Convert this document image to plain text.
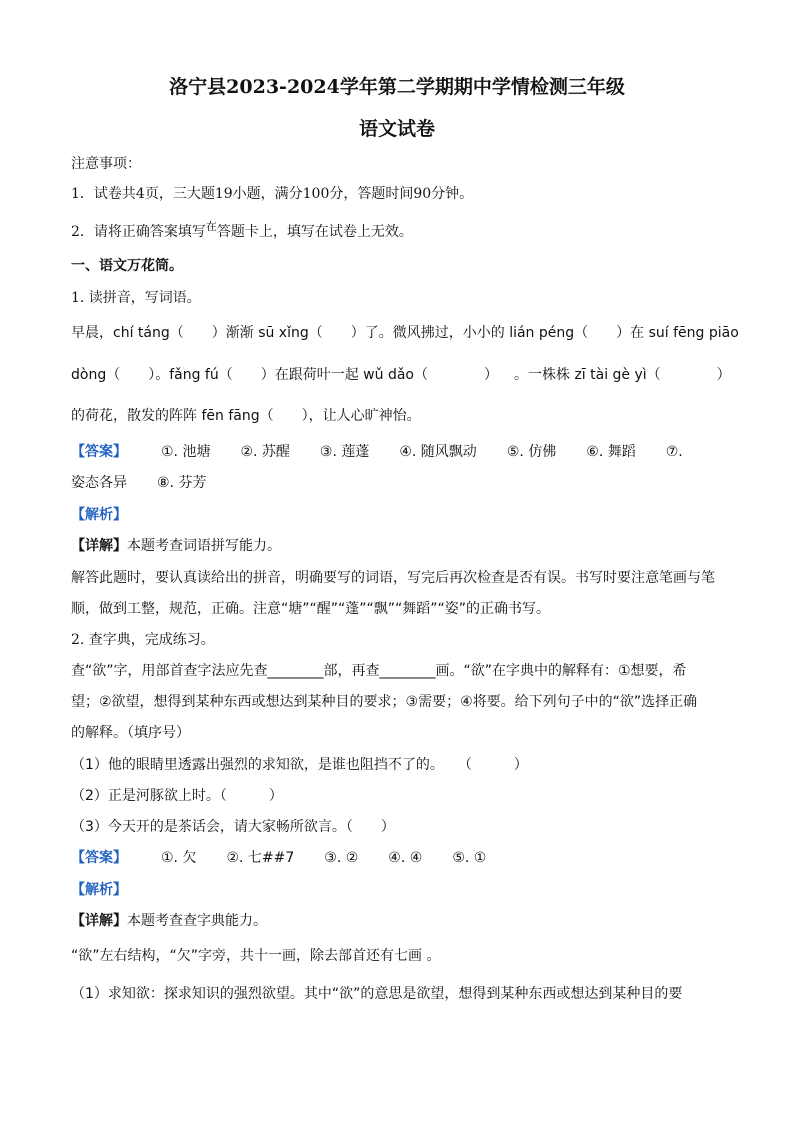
洛宁县2023-2024学年第二学期期中学情检测三年级
语文试卷
注意事项：
1．试卷共4页，三大题19小题，满分100分，答题时间90分钟。
2．请将正确答案填写$^在$答题卡上，填写在试卷上无效。
一、语文万花筒。
1. 读拼音，写词语。
早晨，chí táng（　　）渐渐 sū xǐng（　　）了。微风拂过，小小的 lián péng（　　）在 suí fēng piāo
dòng（　　）。fǎng fú（　　）在跟荷叶一起 wǔ dǎo（　　　　） 。一株株 zī tài gè yì（　　　　）
的荷花，散发的阵阵 fēn fāng（　　），让人心旷神怡。
【答案】 ①. 池塘 ②. 苏醒 ③. 莲蓬 ④. 随风飘动 ⑤. 仿佛 ⑥. 舞蹈 ⑦.
姿态各异 ⑧. 芬芳
【解析】
【详解】本题考查词语拼写能力。
解答此题时，要认真读给出的拼音，明确要写的词语，写完后再次检查是否有误。书写时要注意笔画与笔
顺，做到工整，规范，正确。注意“塘”“醒”“蓬”“飘”“舞蹈”“姿”的正确书写。
2. 查字典，完成练习。
查“欲”字，用部首查字法应先查________部，再查________画。“欲”在字典中的解释有：①想要，希
望；②欲望，想得到某种东西或想达到某种目的要求；③需要；④将要。给下列句子中的“欲”选择正确
的解释。（填序号）
（1）他的眼睛里透露出强烈的求知欲，是谁也阻挡不了的。　　（　　　）
（2）正是河豚欲上时。（　　　）
（3）今天开的是茶话会，请大家畅所欲言。（　　）
【答案】 ①. 欠 ②. 七##7 ③. ② ④. ④ ⑤. ①
【解析】
【详解】本题考查查字典能力。
“欲”左右结构，“欠”字旁，共十一画，除去部首还有七画 。
（1）求知欲：探求知识的强烈欲望。其中“欲”的意思是欲望，想得到某种东西或想达到某种目的要
